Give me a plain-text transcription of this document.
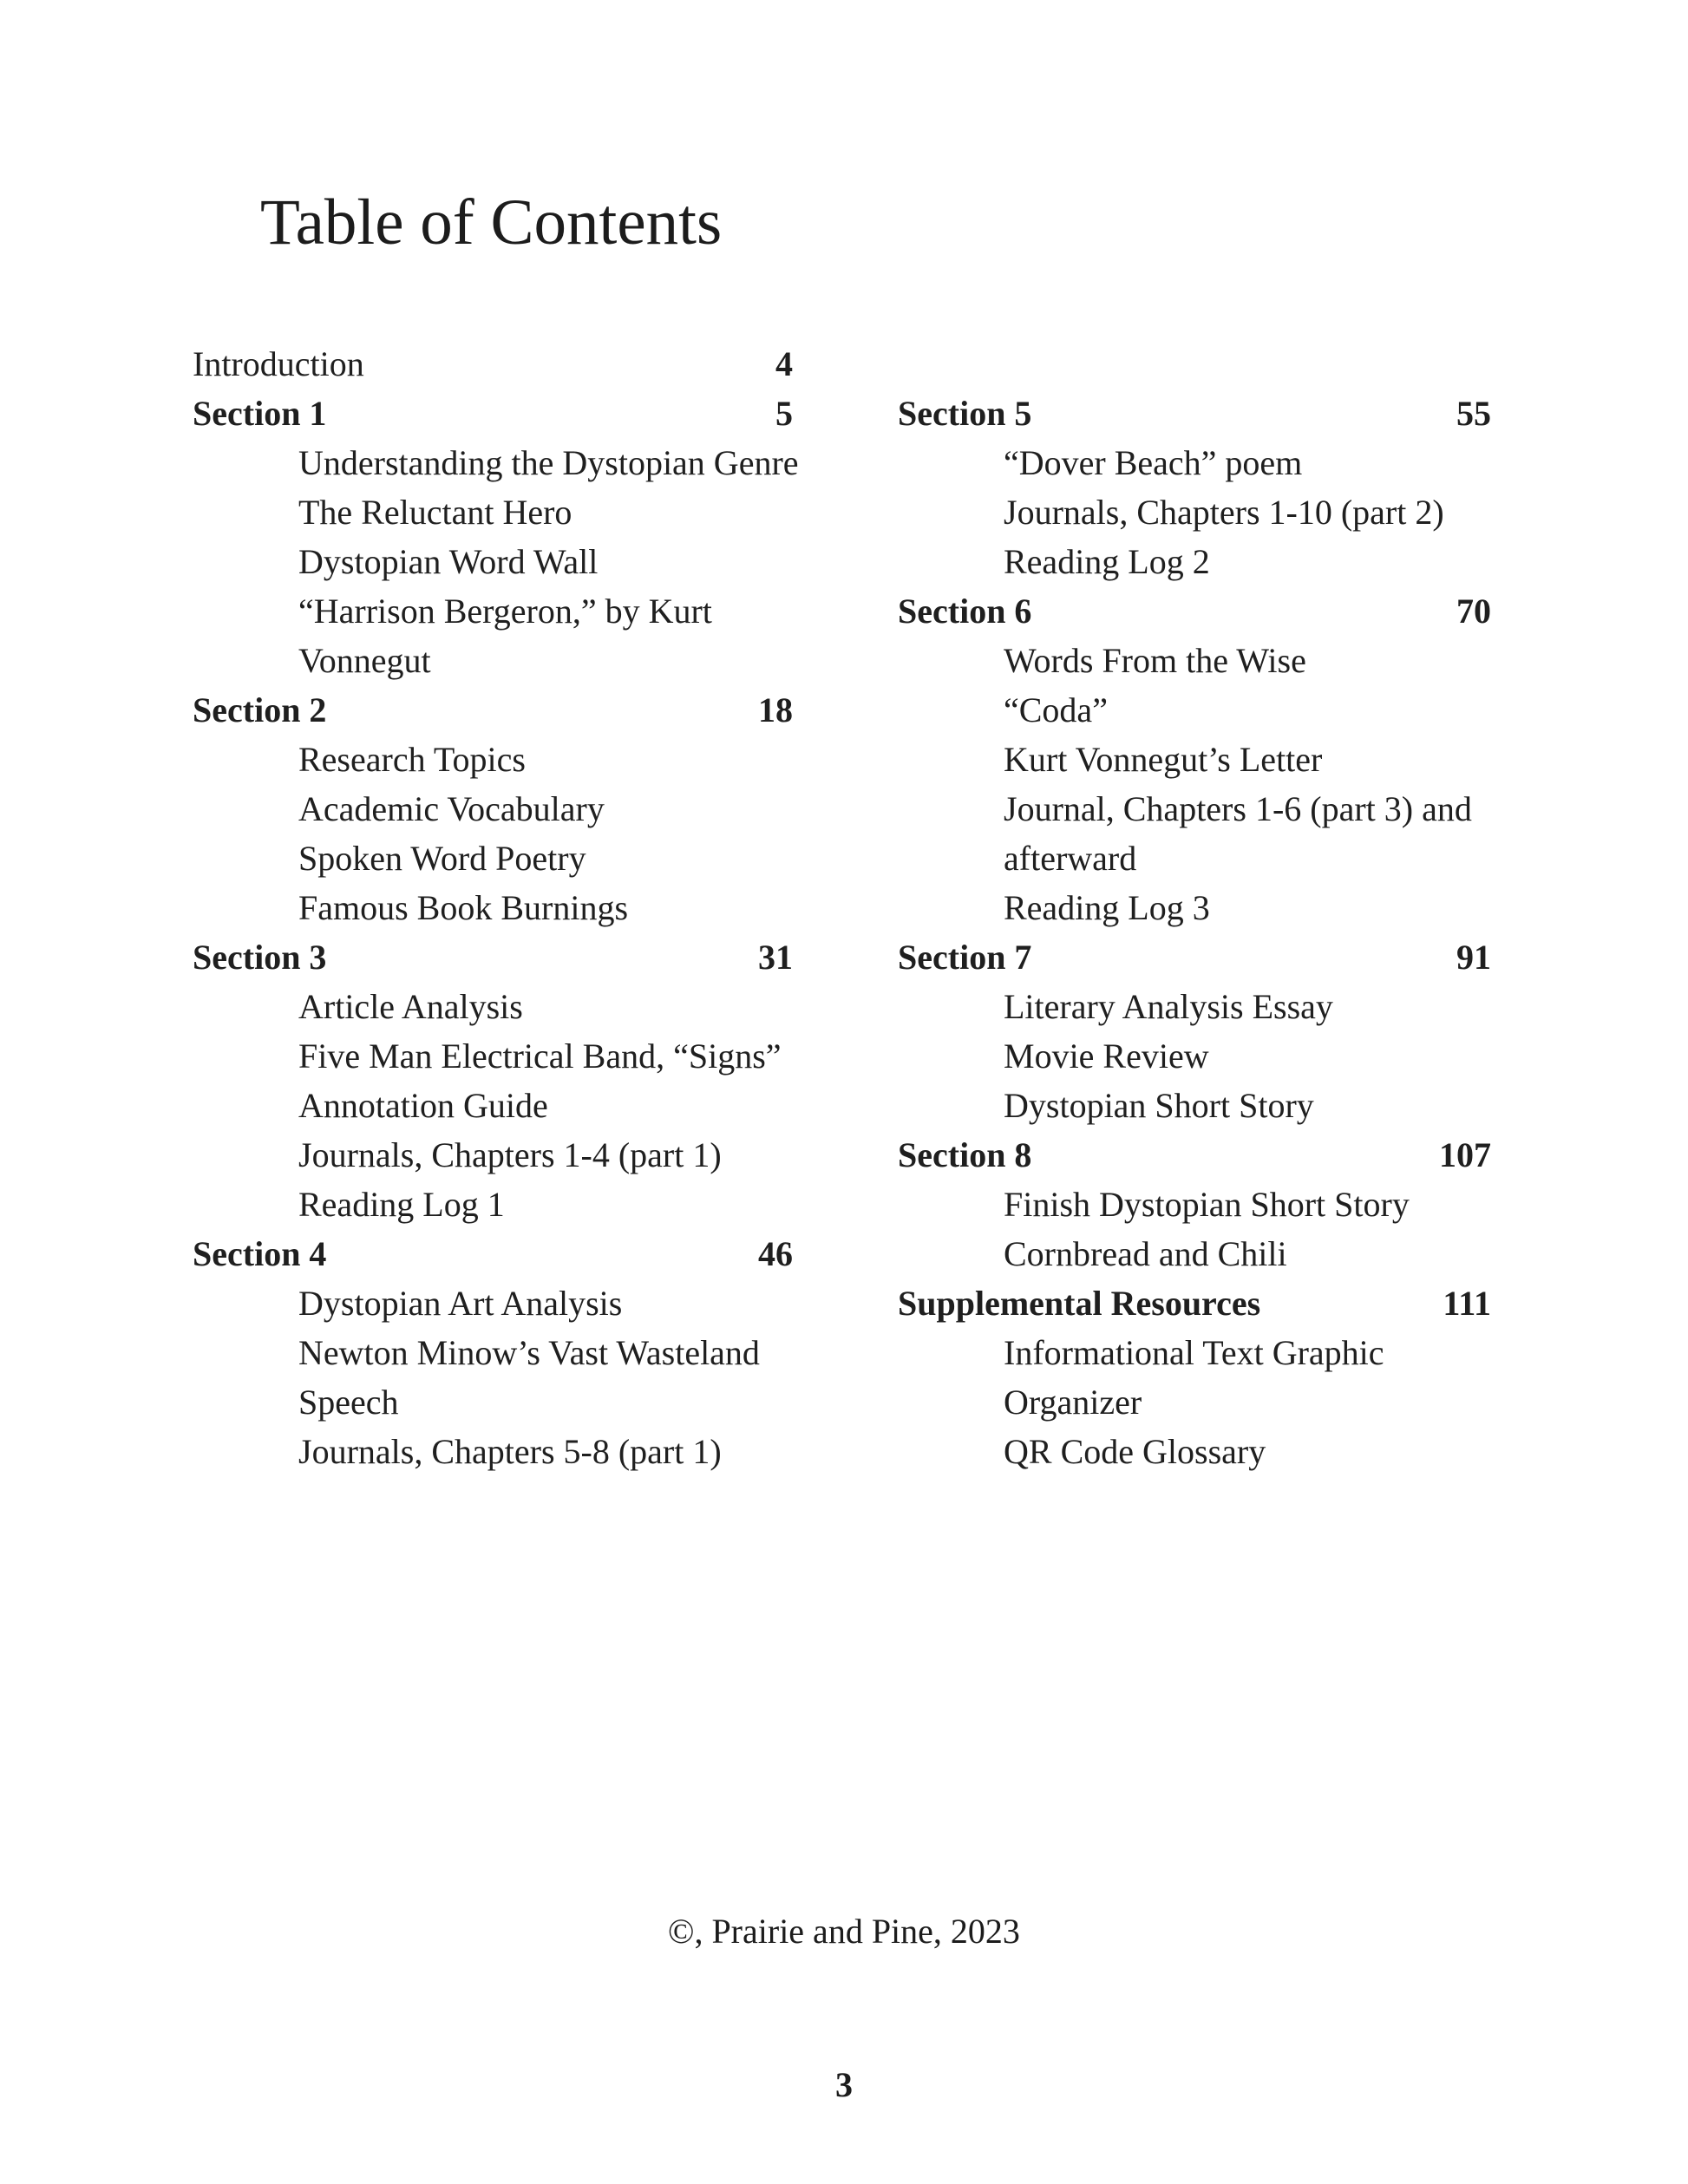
Table of Contents
Introduction	4
Section 1	5
Understanding the Dystopian Genre
The Reluctant Hero
Dystopian Word Wall
“Harrison Bergeron,” by Kurt
Vonnegut
Section 2	18
Research Topics
Academic Vocabulary
Spoken Word Poetry
Famous Book Burnings
Section 3	31
Article Analysis
Five Man Electrical Band, “Signs”
Annotation Guide
Journals, Chapters 1-4 (part 1)
Reading Log 1
Section 4	46
Dystopian Art Analysis
Newton Minow’s Vast Wasteland
Speech
Journals, Chapters 5-8 (part 1)
Section 5	55
“Dover Beach” poem
Journals, Chapters 1-10 (part 2)
Reading Log 2
Section 6	70
Words From the Wise
“Coda”
Kurt Vonnegut’s Letter
Journal, Chapters 1-6 (part 3) and
afterward
Reading Log 3
Section 7	91
Literary Analysis Essay
Movie Review
Dystopian Short Story
Section 8	107
Finish Dystopian Short Story
Cornbread and Chili
Supplemental Resources	111
Informational Text Graphic
Organizer
QR Code Glossary
©, Prairie and Pine, 2023
3
